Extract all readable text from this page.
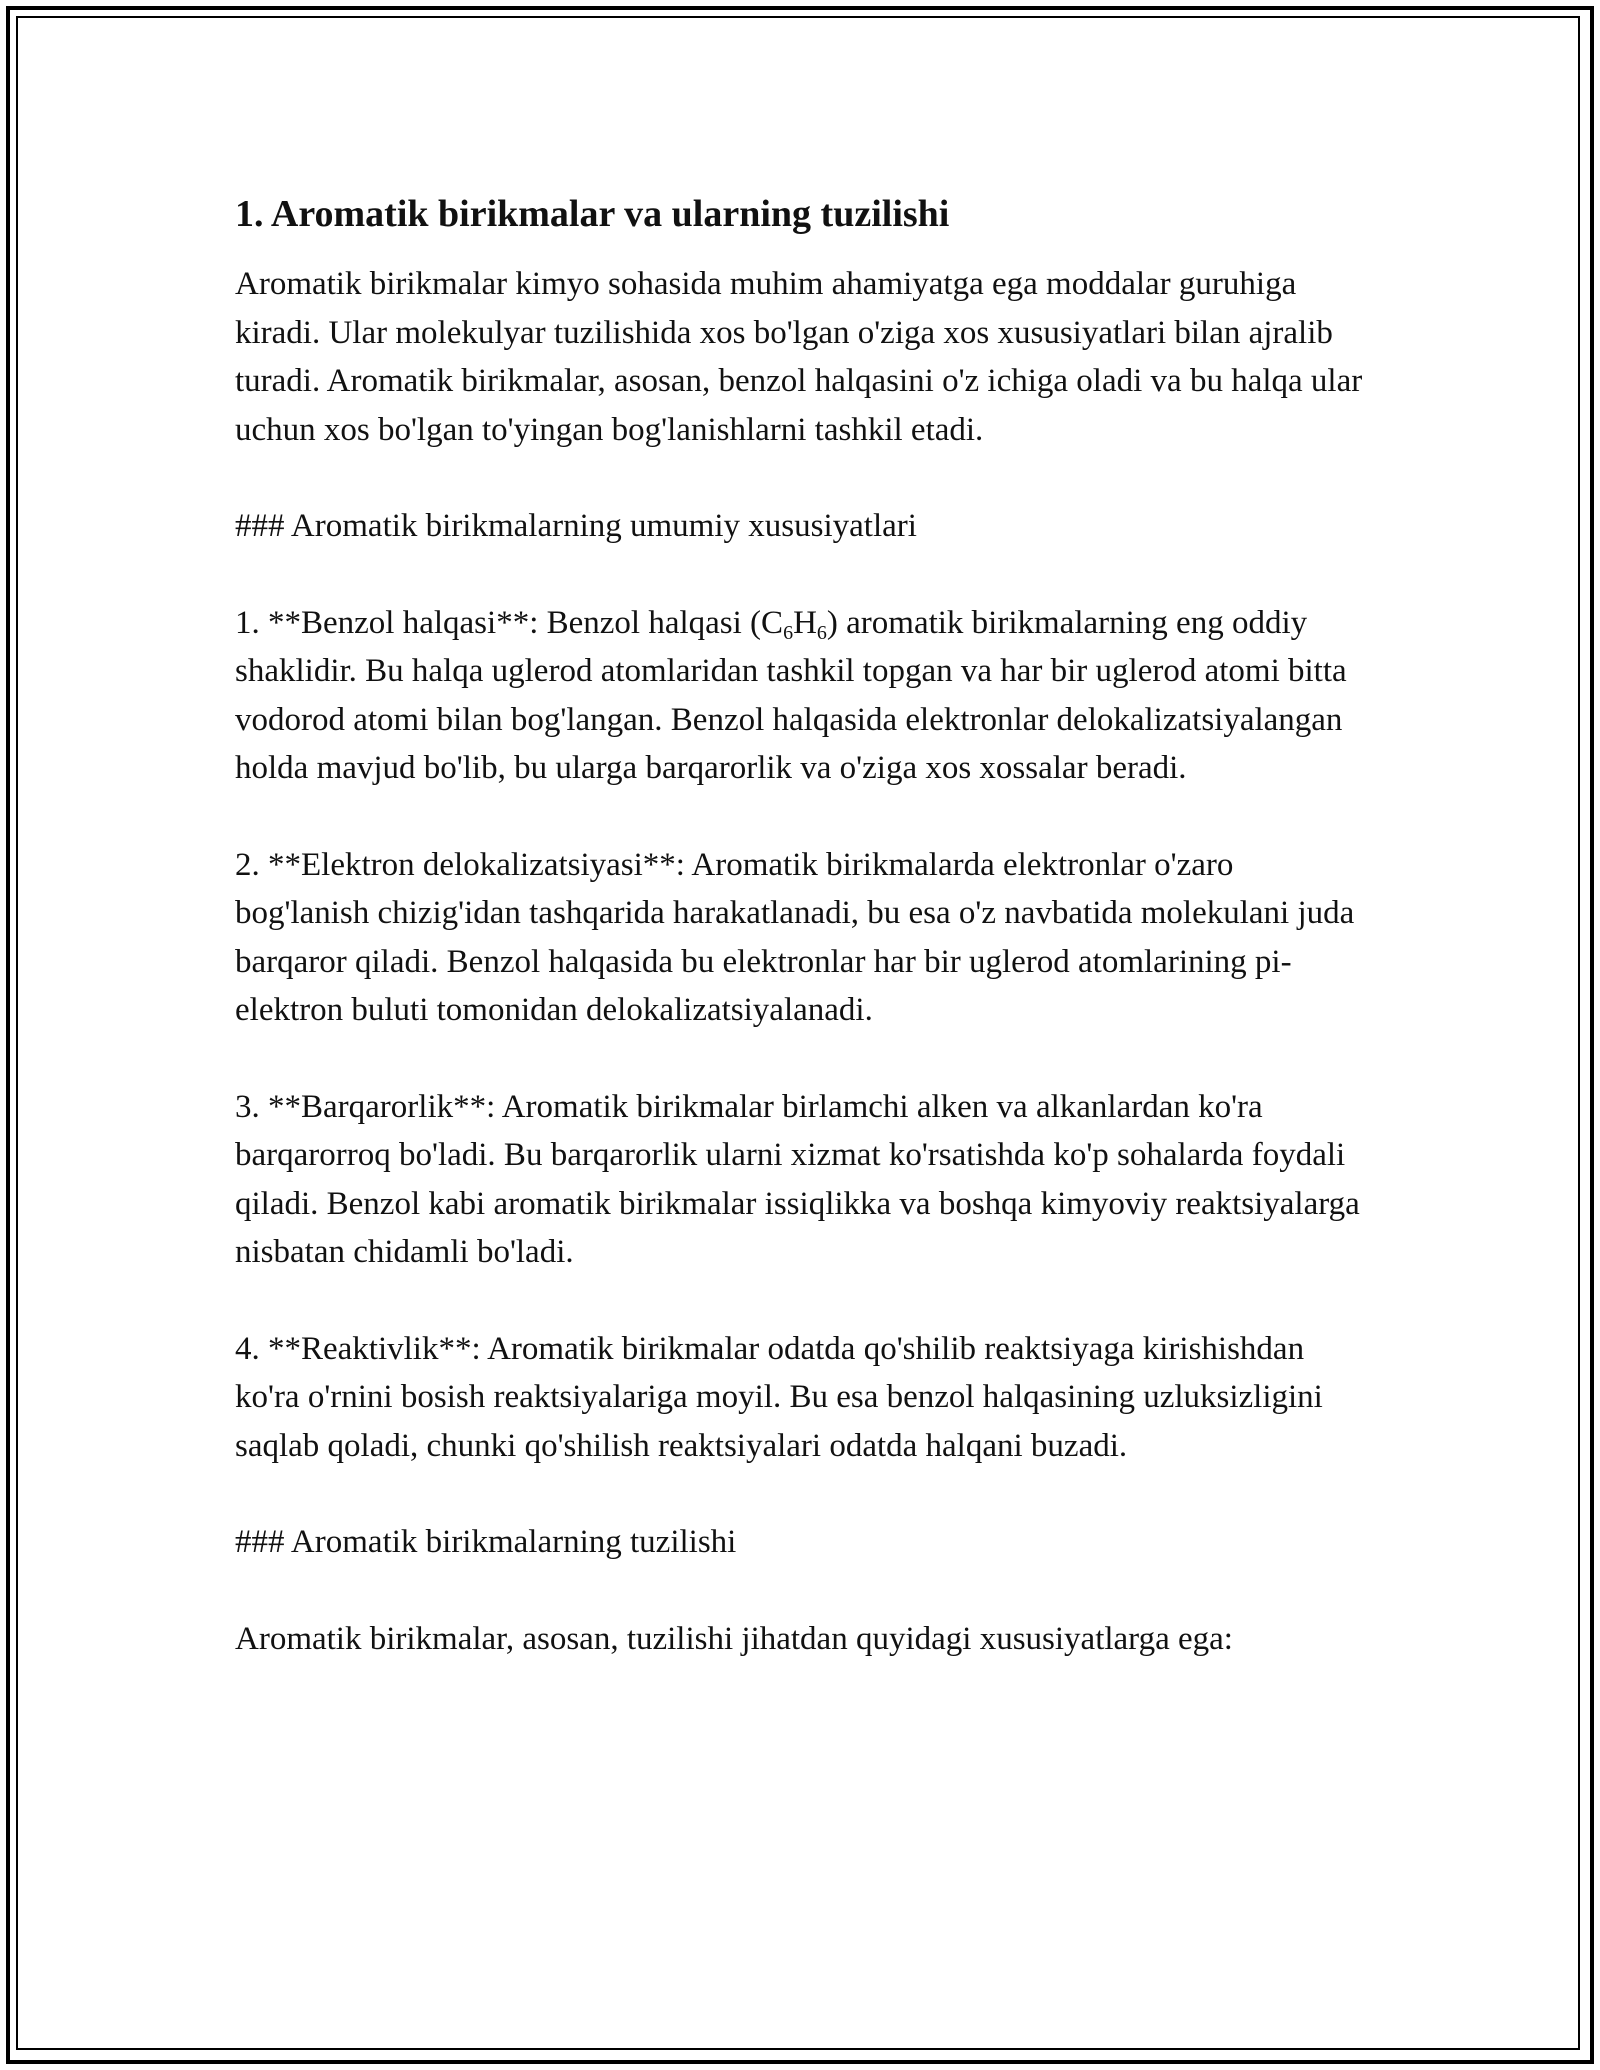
1. Aromatik birikmalar va ularning tuzilishi

Aromatik birikmalar kimyo sohasida muhim ahamiyatga ega moddalar guruhiga kiradi. Ular molekulyar tuzilishida xos bo'lgan o'ziga xos xususiyatlari bilan ajralib turadi. Aromatik birikmalar, asosan, benzol halqasini o'z ichiga oladi va bu halqa ular uchun xos bo'lgan to'yingan bog'lanishlarni tashkil etadi.

### Aromatik birikmalarning umumiy xususiyatlari

1. **Benzol halqasi**: Benzol halqasi $(C_6H_6)$ aromatik birikmalarning eng oddiy shaklidir. Bu halqa uglerod atomlaridan tashkil topgan va har bir uglerod atomi bitta vodorod atomi bilan bog'langan. Benzol halqasida elektronlar delokalizatsiyalangan holda mavjud bo'lib, bu ularga barqarorlik va o'ziga xos xossalar beradi.

2. **Elektron delokalizatsiyasi**: Aromatik birikmalarda elektronlar o'zaro bog'lanish chizig'idan tashqarida harakatlanadi, bu esa o'z navbatida molekulani juda barqaror qiladi. Benzol halqasida bu elektronlar har bir uglerod atomlarining pi-elektron buluti tomonidan delokalizatsiyalanadi.

3. **Barqarorlik**: Aromatik birikmalar birlamchi alken va alkanlardan ko'ra barqarorroq bo'ladi. Bu barqarorlik ularni xizmat ko'rsatishda ko'p sohalarda foydali qiladi. Benzol kabi aromatik birikmalar issiqlikka va boshqa kimyoviy reaktsiyalarga nisbatan chidamli bo'ladi.

4. **Reaktivlik**: Aromatik birikmalar odatda qo'shilib reaktsiyaga kirishishdan ko'ra o'rnini bosish reaktsiyalariga moyil. Bu esa benzol halqasining uzluksizligini saqlab qoladi, chunki qo'shilish reaktsiyalari odatda halqani buzadi.

### Aromatik birikmalarning tuzilishi

Aromatik birikmalar, asosan, tuzilishi jihatdan quyidagi xususiyatlarga ega:
